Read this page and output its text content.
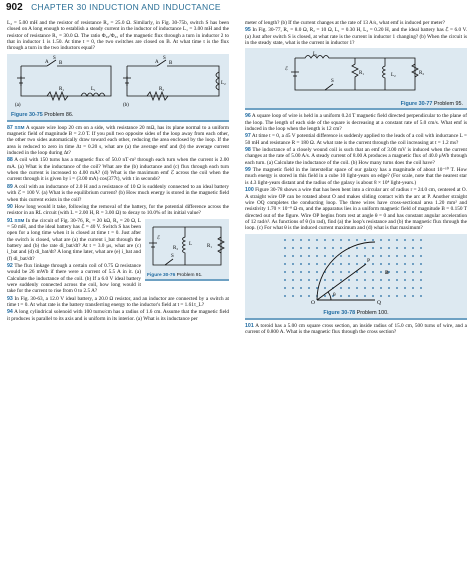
902 CHAPTER 30 INDUCTION AND INDUCTANCE

L₂ = 5.00 mH and the resistor of resistance R₂ = 25.0 Ω. Similarly, in Fig. 30-75b, switch S has been closed on A long enough to establish a steady current in the inductor of inductance L₁ = 3.00 mH and the resistor of resistance R₁ = 30.0 Ω. The ratio Φ₀₂/Φ₀₁ of the magnetic flux through a turn in inductor 2 to that in inductor 1 is 1.50. At time t = 0, the two switches are closed on B. At what time t is the flux through a turn in the two inductors equal?

A
S
B
R₁	L₁
(a)
A
S
B
R₂
L₂
(b)
Figure 30-75 Problem 86.

87 SSM A square wire loop 20 cm on a side, with resistance 20 mΩ, has its plane normal to a uniform magnetic field of magnitude B = 2.0 T. If you pull two opposite sides of the loop away from each other, the other two sides automatically draw toward each other, reducing the area enclosed by the loop. If the area is reduced to zero in time Δt = 0.20 s, what are (a) the average emf and (b) the average current induced in the loop during Δt?

88 A coil with 150 turns has a magnetic flux of 50.0 nT·m² through each turn when the current is 2.00 mA. (a) What is the inductance of the coil? What are the (b) inductance and (c) flux through each turn when the current is increased to 4.00 mA? (d) What is the maximum emf ℰ across the coil when the current through it is given by i = (3.00 mA) cos(377t), with t in seconds?

89 A coil with an inductance of 2.0 H and a resistance of 10 Ω is suddenly connected to an ideal battery with ℰ = 100 V. (a) What is the equilibrium current? (b) How much energy is stored in the magnetic field when this current exists in the coil?

90 How long would it take, following the removal of the battery, for the potential difference across the resistor in an RL circuit (with L = 2.00 H, R = 3.00 Ω) to decay to 10.0% of its initial value?

L	R₁
R₂
ℰ
S
Figure 30-76 Problem 91.

91 SSM In the circuit of Fig. 30-76, R₁ = 20 kΩ, R₂ = 20 Ω, L = 50 mH, and the ideal battery has ℰ = 40 V. Switch S has been open for a long time when it is closed at time t = 0. Just after the switch is closed, what are (a) the current i_bat through the battery and (b) the rate di_bat/dt? At t = 3.0 μs, what are (c) i_bat and (d) di_bat/dt? A long time later, what are (e) i_bat and (f) di_bat/dt?

92 The flux linkage through a certain coil of 0.75 Ω resistance would be 26 mWb if there were a current of 5.5 A in it. (a) Calculate the inductance of the coil. (b) If a 6.0 V ideal battery were suddenly connected across the coil, how long would it take for the current to rise from 0 to 2.5 A?

93 In Fig. 30-63, a 12.0 V ideal battery, a 20.0 Ω resistor, and an inductor are connected by a switch at time t = 0. At what rate is the battery transferring energy to the inductor's field at t = 1.61τ_L?

94 A long cylindrical solenoid with 100 turns/cm has a radius of 1.6 cm. Assume that the magnetic field it produces is parallel to its axis and is uniform in its interior. (a) What is its inductance per

meter of length? (b) If the current changes at the rate of 13 A/s, what emf is induced per meter?

95 In Fig. 30-77, R₁ = 8.0 Ω, R₂ = 10 Ω, L₁ = 0.30 H, L₂ = 0.20 H, and the ideal battery has ℰ = 6.0 V. (a) Just after switch S is closed, at what rate is the current in inductor 1 changing? (b) When the circuit is in the steady state, what is the current in inductor 1?

L₁
L₂
R₁	R₂
S
ℰ
Figure 30-77 Problem 95.

96 A square loop of wire is held in a uniform 0.24 T magnetic field directed perpendicular to the plane of the loop. The length of each side of the square is decreasing at a constant rate of 5.0 cm/s. What emf is induced in the loop when the length is 12 cm?

97 At time t = 0, a 45 V potential difference is suddenly applied to the leads of a coil with inductance L = 50 mH and resistance R = 180 Ω. At what rate is the current through the coil increasing at t = 1.2 ms?

98 The inductance of a closely wound coil is such that an emf of 3.00 mV is induced when the current changes at the rate of 5.00 A/s. A steady current of 8.00 A produces a magnetic flux of 40.0 μWb through each turn. (a) Calculate the inductance of the coil. (b) How many turns does the coil have?

99 The magnetic field in the interstellar space of our galaxy has a magnitude of about 10⁻¹⁰ T. How much energy is stored in this field in a cube 10 light-years on edge? (For scale, note that the nearest star is 4.3 light-years distant and the radius of the galaxy is about 8 × 10⁴ light-years.)

100 Figure 30-78 shows a wire that has been bent into a circular arc of radius r = 24.0 cm, centered at O. A straight wire OP can be rotated about O and makes sliding contact with the arc at P. Another straight wire OQ completes the conducting loop. The three wires have cross-sectional area 1.20 mm² and resistivity 1.70 × 10⁻⁸ Ω·m, and the apparatus lies in a uniform magnetic field of magnitude B = 0.150 T directed out of the figure. Wire OP begins from rest at angle θ = 0 and has constant angular acceleration of 12 rad/s². As functions of θ (in rad), find (a) the loop's resistance and (b) the magnetic flux through the loop. (c) For what θ is the induced current maximum and (d) what is that maximum?

P
O	Q
θ
B
Figure 30-78 Problem 100.

101 A toroid has a 5.00 cm square cross section, an inside radius of 15.0 cm, 500 turns of wire, and a current of 0.800 A. What is the magnetic flux through the cross section?
